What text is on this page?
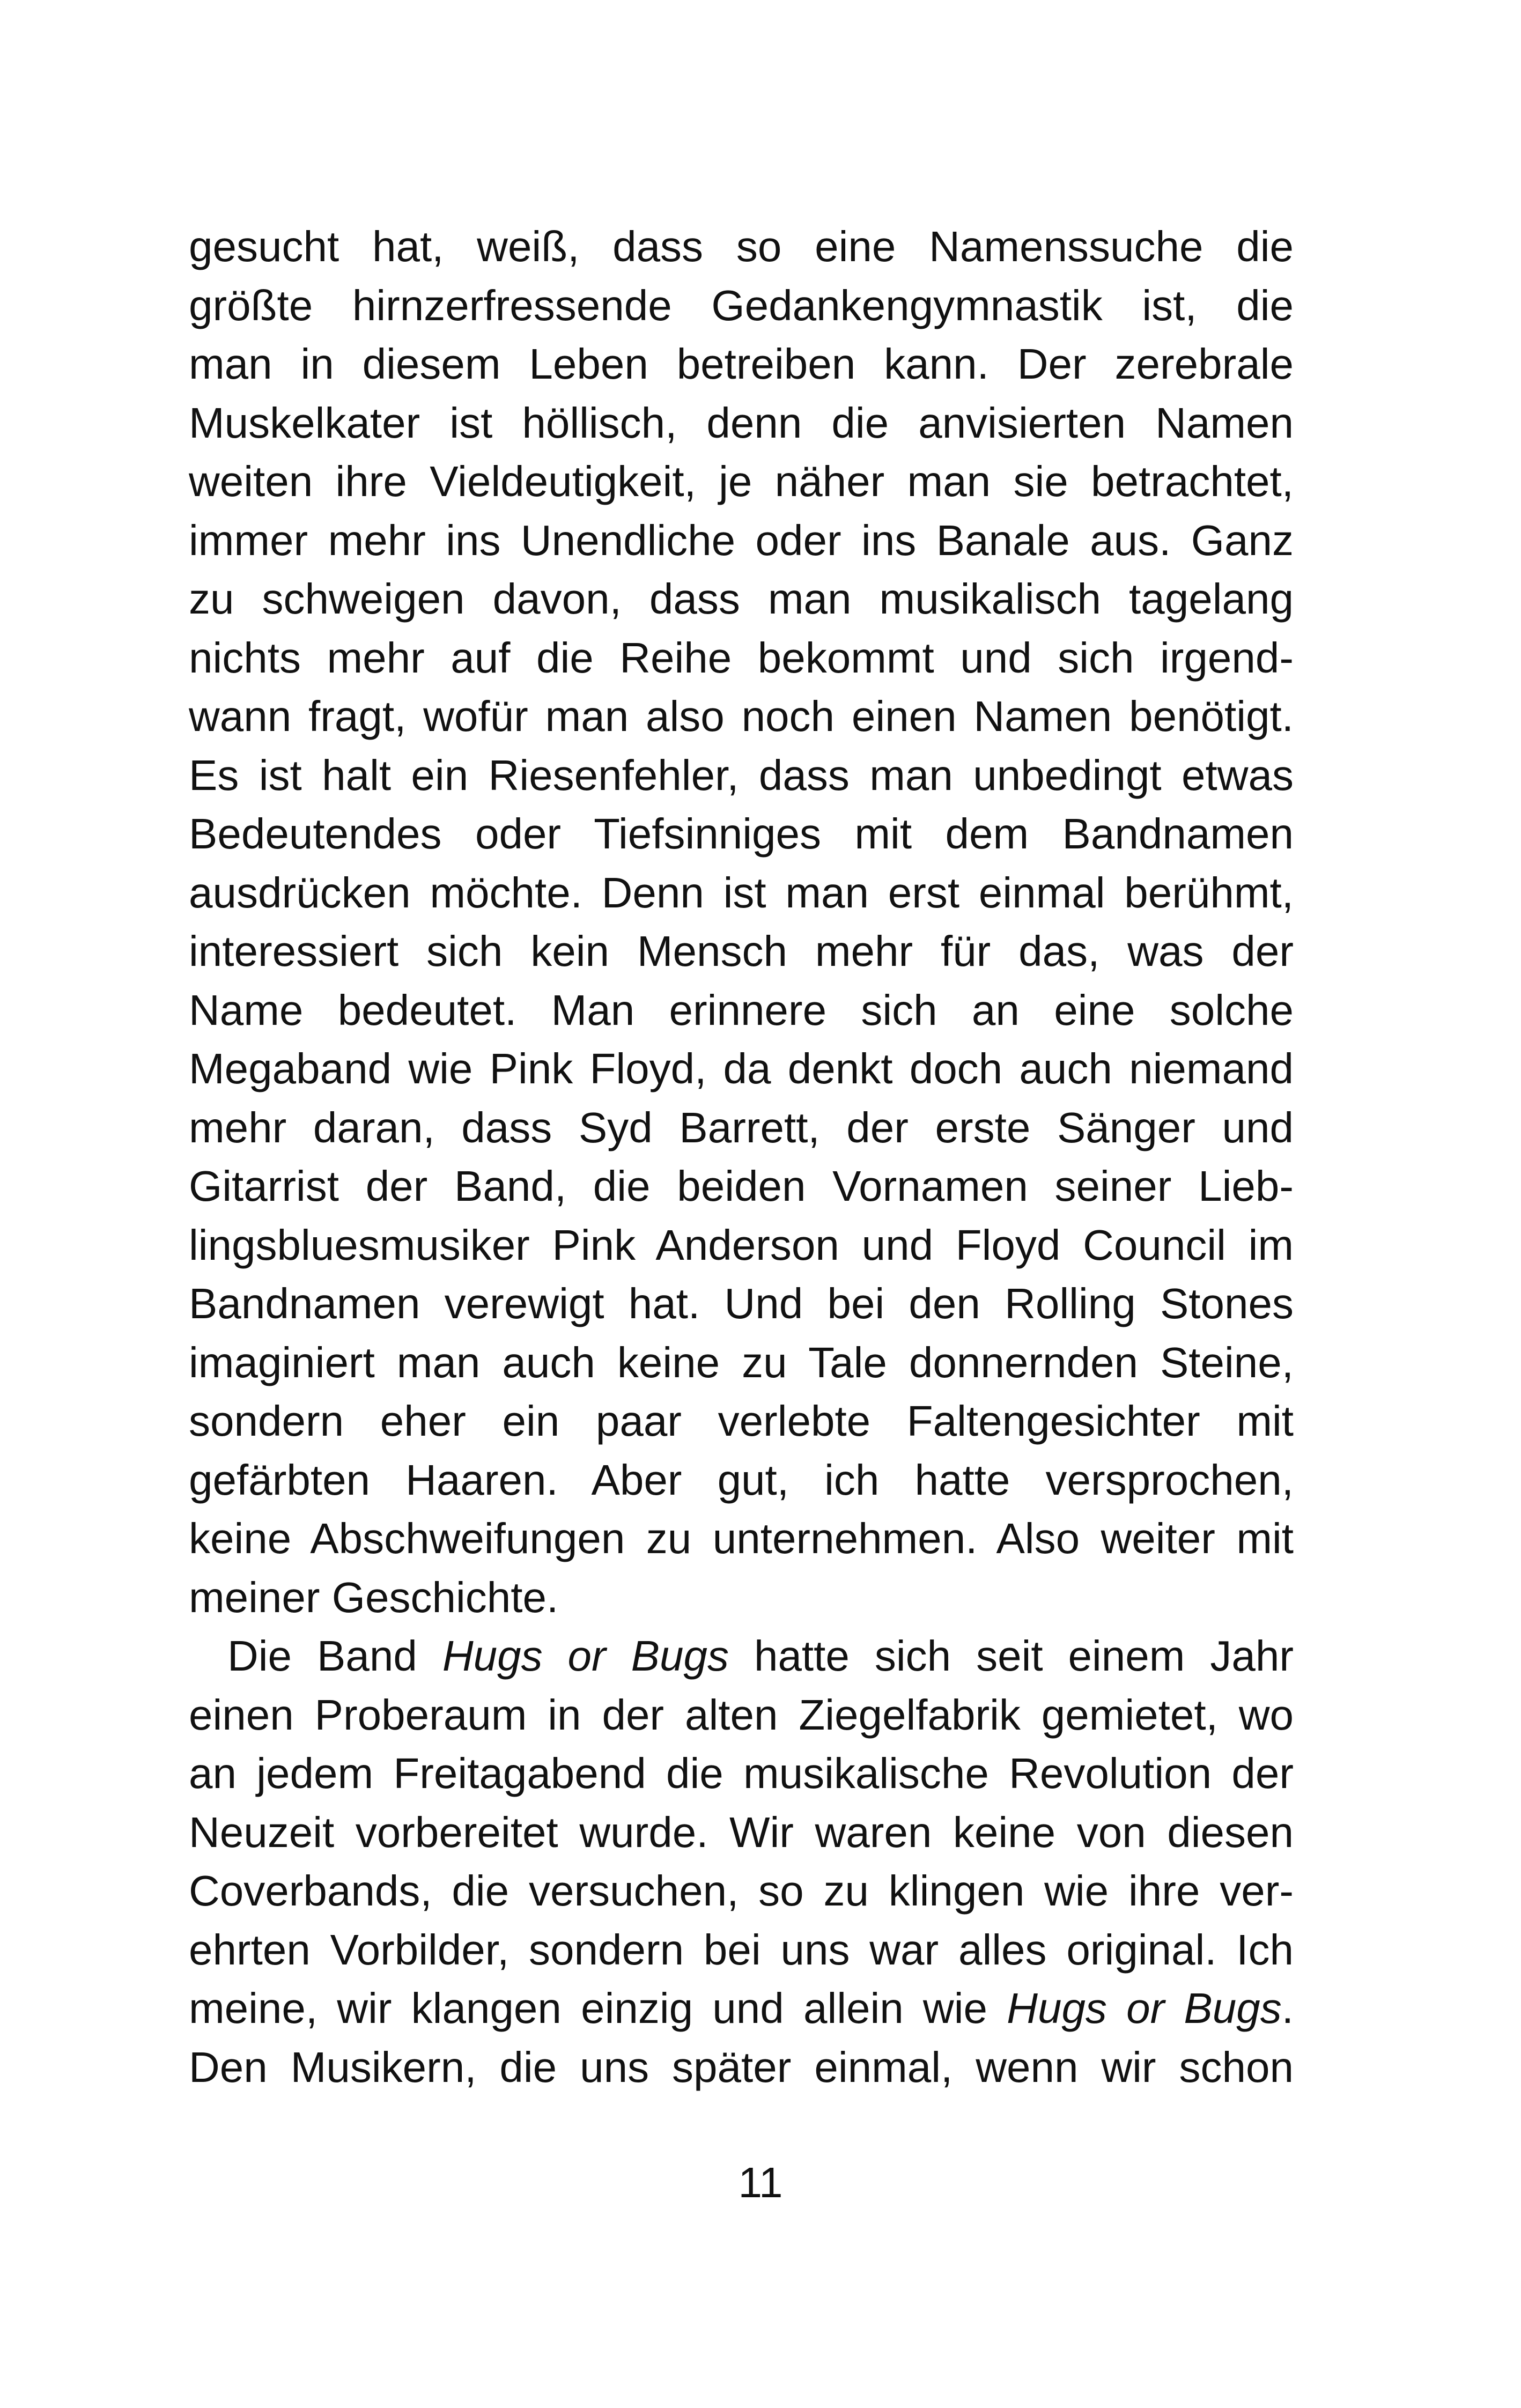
gesucht hat, weiß, dass so eine Namenssuche die
größte hirnzerfressende Gedankengymnastik ist, die
man in diesem Leben betreiben kann. Der zerebrale
Muskelkater ist höllisch, denn die anvisierten Namen
weiten ihre Vieldeutigkeit, je näher man sie betrachtet,
immer mehr ins Unendliche oder ins Banale aus. Ganz
zu schweigen davon, dass man musikalisch tagelang
nichts mehr auf die Reihe bekommt und sich irgend-
wann fragt, wofür man also noch einen Namen benötigt.
Es ist halt ein Riesenfehler, dass man unbedingt etwas
Bedeutendes oder Tiefsinniges mit dem Bandnamen
ausdrücken möchte. Denn ist man erst einmal berühmt,
interessiert sich kein Mensch mehr für das, was der
Name bedeutet. Man erinnere sich an eine solche
Megaband wie Pink Floyd, da denkt doch auch niemand
mehr daran, dass Syd Barrett, der erste Sänger und
Gitarrist der Band, die beiden Vornamen seiner Lieb-
lingsbluesmusiker Pink Anderson und Floyd Council im
Bandnamen verewigt hat. Und bei den Rolling Stones
imaginiert man auch keine zu Tale donnernden Steine,
sondern eher ein paar verlebte Faltengesichter mit
gefärbten Haaren. Aber gut, ich hatte versprochen,
keine Abschweifungen zu unternehmen. Also weiter mit
meiner Geschichte.
Die Band Hugs or Bugs hatte sich seit einem Jahr
einen Proberaum in der alten Ziegelfabrik gemietet, wo
an jedem Freitagabend die musikalische Revolution der
Neuzeit vorbereitet wurde. Wir waren keine von diesen
Coverbands, die versuchen, so zu klingen wie ihre ver-
ehrten Vorbilder, sondern bei uns war alles original. Ich
meine, wir klangen einzig und allein wie Hugs or Bugs.
Den Musikern, die uns später einmal, wenn wir schon
11
